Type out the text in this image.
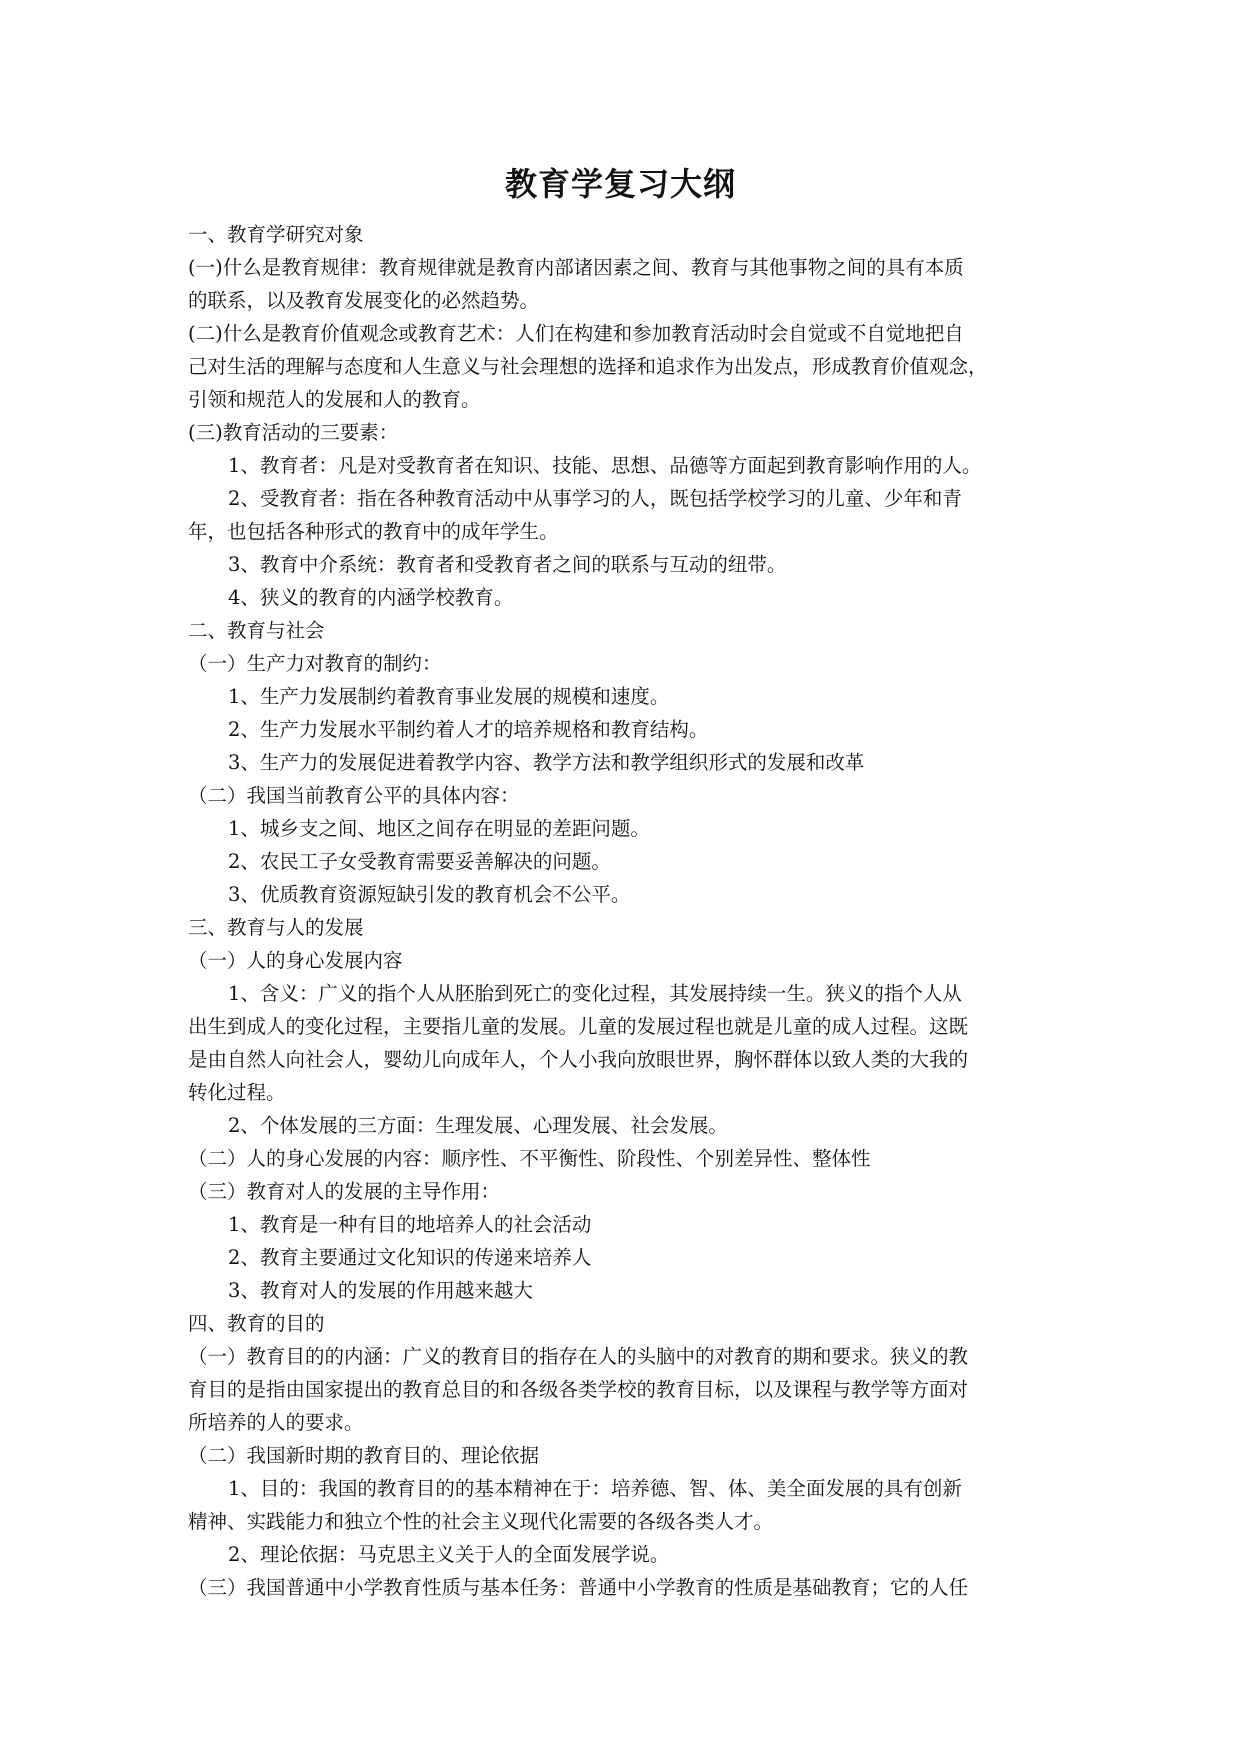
教育学复习大纲

一、教育学研究对象

(一)什么是教育规律：教育规律就是教育内部诸因素之间、教育与其他事物之间的具有本质

的联系，以及教育发展变化的必然趋势。

(二)什么是教育价值观念或教育艺术：人们在构建和参加教育活动时会自觉或不自觉地把自

己对生活的理解与态度和人生意义与社会理想的选择和追求作为出发点，形成教育价值观念，

引领和规范人的发展和人的教育。

(三)教育活动的三要素：

1、教育者：凡是对受教育者在知识、技能、思想、品德等方面起到教育影响作用的人。

2、受教育者：指在各种教育活动中从事学习的人，既包括学校学习的儿童、少年和青

年，也包括各种形式的教育中的成年学生。

3、教育中介系统：教育者和受教育者之间的联系与互动的纽带。

4、狭义的教育的内涵学校教育。

二、教育与社会

（一）生产力对教育的制约：

1、生产力发展制约着教育事业发展的规模和速度。

2、生产力发展水平制约着人才的培养规格和教育结构。

3、生产力的发展促进着教学内容、教学方法和教学组织形式的发展和改革

（二）我国当前教育公平的具体内容：

1、城乡支之间、地区之间存在明显的差距问题。

2、农民工子女受教育需要妥善解决的问题。

3、优质教育资源短缺引发的教育机会不公平。

三、教育与人的发展

（一）人的身心发展内容

1、含义：广义的指个人从胚胎到死亡的变化过程，其发展持续一生。狭义的指个人从

出生到成人的变化过程，主要指儿童的发展。儿童的发展过程也就是儿童的成人过程。这既

是由自然人向社会人，婴幼儿向成年人，个人小我向放眼世界，胸怀群体以致人类的大我的

转化过程。

2、个体发展的三方面：生理发展、心理发展、社会发展。

（二）人的身心发展的内容：顺序性、不平衡性、阶段性、个别差异性、整体性

（三）教育对人的发展的主导作用：

1、教育是一种有目的地培养人的社会活动

2、教育主要通过文化知识的传递来培养人

3、教育对人的发展的作用越来越大

四、教育的目的

（一）教育目的的内涵：广义的教育目的指存在人的头脑中的对教育的期和要求。狭义的教

育目的是指由国家提出的教育总目的和各级各类学校的教育目标，以及课程与教学等方面对

所培养的人的要求。

（二）我国新时期的教育目的、理论依据

1、目的：我国的教育目的的基本精神在于：培养德、智、体、美全面发展的具有创新

精神、实践能力和独立个性的社会主义现代化需要的各级各类人才。

2、理论依据：马克思主义关于人的全面发展学说。

（三）我国普通中小学教育性质与基本任务：普通中小学教育的性质是基础教育；它的人任
